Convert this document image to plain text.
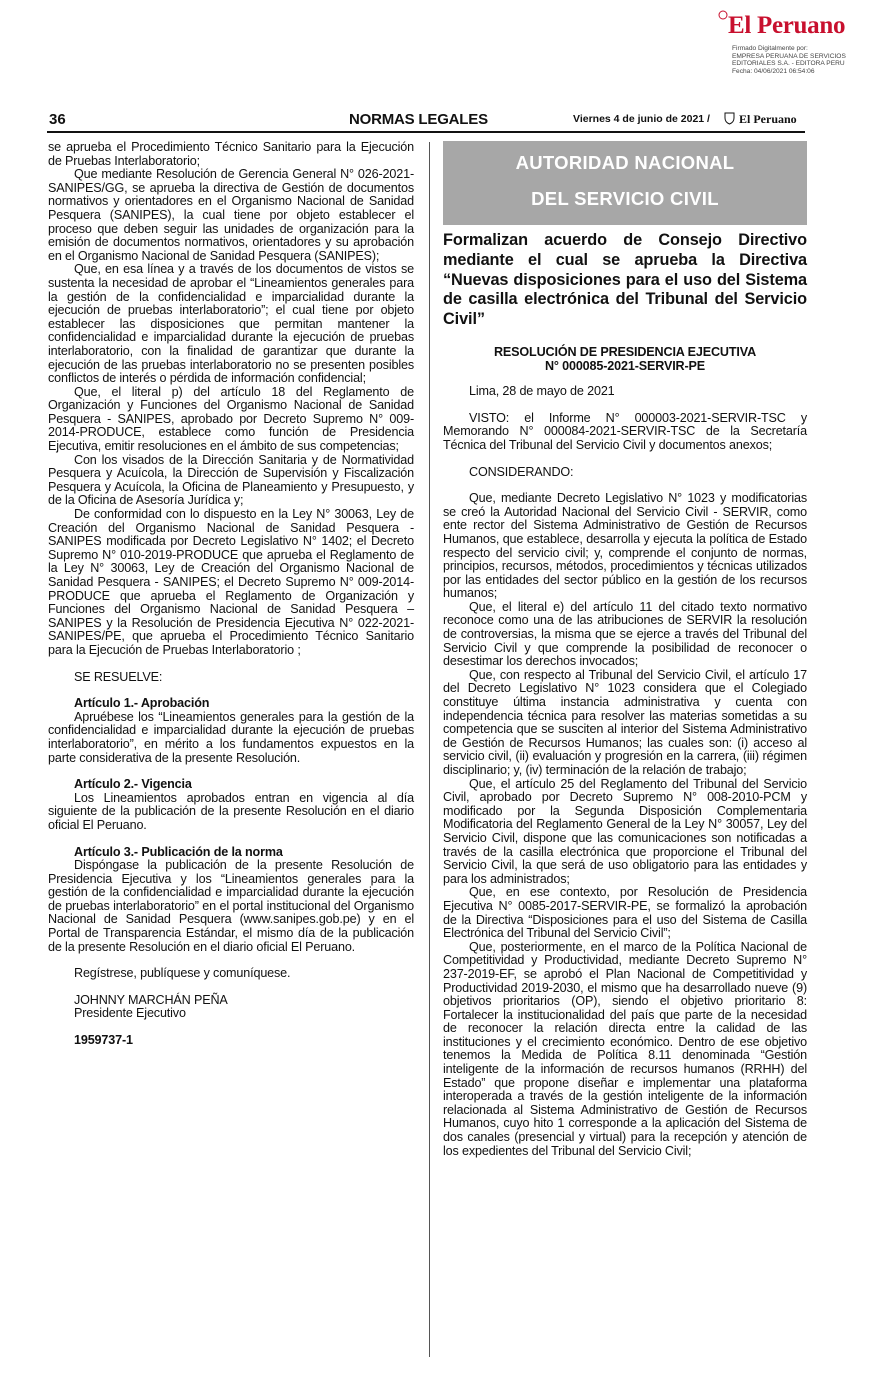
El Peruano
Firmado Digitalmente por:
EMPRESA PERUANA DE SERVICIOS
EDITORIALES S.A. - EDITORA PERU
Fecha: 04/06/2021 06:54:06
36	NORMAS LEGALES	Viernes 4 de junio de 2021 / El Peruano

se aprueba el Procedimiento Técnico Sanitario para la Ejecución de Pruebas Interlaboratorio;

Que mediante Resolución de Gerencia General N° 026-2021-SANIPES/GG, se aprueba la directiva de Gestión de documentos normativos y orientadores en el Organismo Nacional de Sanidad Pesquera (SANIPES), la cual tiene por objeto establecer el proceso que deben seguir las unidades de organización para la emisión de documentos normativos, orientadores y su aprobación en el Organismo Nacional de Sanidad Pesquera (SANIPES);

Que, en esa línea y a través de los documentos de vistos se sustenta la necesidad de aprobar el “Lineamientos generales para la gestión de la confidencialidad e imparcialidad durante la ejecución de pruebas interlaboratorio”; el cual tiene por objeto establecer las disposiciones que permitan mantener la confidencialidad e imparcialidad durante la ejecución de pruebas interlaboratorio, con la finalidad de garantizar que durante la ejecución de las pruebas interlaboratorio no se presenten posibles conflictos de interés o pérdida de información confidencial;

Que, el literal p) del artículo 18 del Reglamento de Organización y Funciones del Organismo Nacional de Sanidad Pesquera - SANIPES, aprobado por Decreto Supremo N° 009-2014-PRODUCE, establece como función de Presidencia Ejecutiva, emitir resoluciones en el ámbito de sus competencias;

Con los visados de la Dirección Sanitaria y de Normatividad Pesquera y Acuícola, la Dirección de Supervisión y Fiscalización Pesquera y Acuícola, la Oficina de Planeamiento y Presupuesto, y de la Oficina de Asesoría Jurídica y;

De conformidad con lo dispuesto en la Ley N° 30063, Ley de Creación del Organismo Nacional de Sanidad Pesquera - SANIPES modificada por Decreto Legislativo N° 1402; el Decreto Supremo N° 010-2019-PRODUCE que aprueba el Reglamento de la Ley N° 30063, Ley de Creación del Organismo Nacional de Sanidad Pesquera - SANIPES; el Decreto Supremo N° 009-2014-PRODUCE que aprueba el Reglamento de Organización y Funciones del Organismo Nacional de Sanidad Pesquera – SANIPES y la Resolución de Presidencia Ejecutiva N° 022-2021-SANIPES/PE, que aprueba el Procedimiento Técnico Sanitario para la Ejecución de Pruebas Interlaboratorio ;

SE RESUELVE:

Artículo 1.- Aprobación

Apruébese los “Lineamientos generales para la gestión de la confidencialidad e imparcialidad durante la ejecución de pruebas interlaboratorio”, en mérito a los fundamentos expuestos en la parte considerativa de la presente Resolución.

Artículo 2.- Vigencia

Los Lineamientos aprobados entran en vigencia al día siguiente de la publicación de la presente Resolución en el diario oficial El Peruano.

Artículo 3.- Publicación de la norma

Dispóngase la publicación de la presente Resolución de Presidencia Ejecutiva y los “Lineamientos generales para la gestión de la confidencialidad e imparcialidad durante la ejecución de pruebas interlaboratorio” en el portal institucional del Organismo Nacional de Sanidad Pesquera (www.sanipes.gob.pe) y en el Portal de Transparencia Estándar, el mismo día de la publicación de la presente Resolución en el diario oficial El Peruano.

Regístrese, publíquese y comuníquese.

JOHNNY MARCHÁN PEÑA

Presidente Ejecutivo

1959737-1

AUTORIDAD NACIONAL
DEL SERVICIO CIVIL
Formalizan acuerdo de Consejo Directivo mediante el cual se aprueba la Directiva “Nuevas disposiciones para el uso del Sistema de casilla electrónica del Tribunal del Servicio Civil”
RESOLUCIÓN DE PRESIDENCIA EJECUTIVA
N° 000085-2021-SERVIR-PE

Lima, 28 de mayo de 2021

VISTO: el Informe N° 000003-2021-SERVIR-TSC y Memorando N° 000084-2021-SERVIR-TSC de la Secretaría Técnica del Tribunal del Servicio Civil y documentos anexos;

CONSIDERANDO:

Que, mediante Decreto Legislativo N° 1023 y modificatorias se creó la Autoridad Nacional del Servicio Civil - SERVIR, como ente rector del Sistema Administrativo de Gestión de Recursos Humanos, que establece, desarrolla y ejecuta la política de Estado respecto del servicio civil; y, comprende el conjunto de normas, principios, recursos, métodos, procedimientos y técnicas utilizados por las entidades del sector público en la gestión de los recursos humanos;

Que, el literal e) del artículo 11 del citado texto normativo reconoce como una de las atribuciones de SERVIR la resolución de controversias, la misma que se ejerce a través del Tribunal del Servicio Civil y que comprende la posibilidad de reconocer o desestimar los derechos invocados;

Que, con respecto al Tribunal del Servicio Civil, el artículo 17 del Decreto Legislativo N° 1023 considera que el Colegiado constituye última instancia administrativa y cuenta con independencia técnica para resolver las materias sometidas a su competencia que se susciten al interior del Sistema Administrativo de Gestión de Recursos Humanos; las cuales son: (i) acceso al servicio civil, (ii) evaluación y progresión en la carrera, (iii) régimen disciplinario; y, (iv) terminación de la relación de trabajo;

Que, el artículo 25 del Reglamento del Tribunal del Servicio Civil, aprobado por Decreto Supremo N° 008-2010-PCM y modificado por la Segunda Disposición Complementaria Modificatoria del Reglamento General de la Ley N° 30057, Ley del Servicio Civil, dispone que las comunicaciones son notificadas a través de la casilla electrónica que proporcione el Tribunal del Servicio Civil, la que será de uso obligatorio para las entidades y para los administrados;

Que, en ese contexto, por Resolución de Presidencia Ejecutiva N° 0085-2017-SERVIR-PE, se formalizó la aprobación de la Directiva “Disposiciones para el uso del Sistema de Casilla Electrónica del Tribunal del Servicio Civil”;

Que, posteriormente, en el marco de la Política Nacional de Competitividad y Productividad, mediante Decreto Supremo N° 237-2019-EF, se aprobó el Plan Nacional de Competitividad y Productividad 2019-2030, el mismo que ha desarrollado nueve (9) objetivos prioritarios (OP), siendo el objetivo prioritario 8: Fortalecer la institucionalidad del país que parte de la necesidad de reconocer la relación directa entre la calidad de las instituciones y el crecimiento económico. Dentro de ese objetivo tenemos la Medida de Política 8.11 denominada “Gestión inteligente de la información de recursos humanos (RRHH) del Estado” que propone diseñar e implementar una plataforma interoperada a través de la gestión inteligente de la información relacionada al Sistema Administrativo de Gestión de Recursos Humanos, cuyo hito 1 corresponde a la aplicación del Sistema de dos canales (presencial y virtual) para la recepción y atención de los expedientes del Tribunal del Servicio Civil;
